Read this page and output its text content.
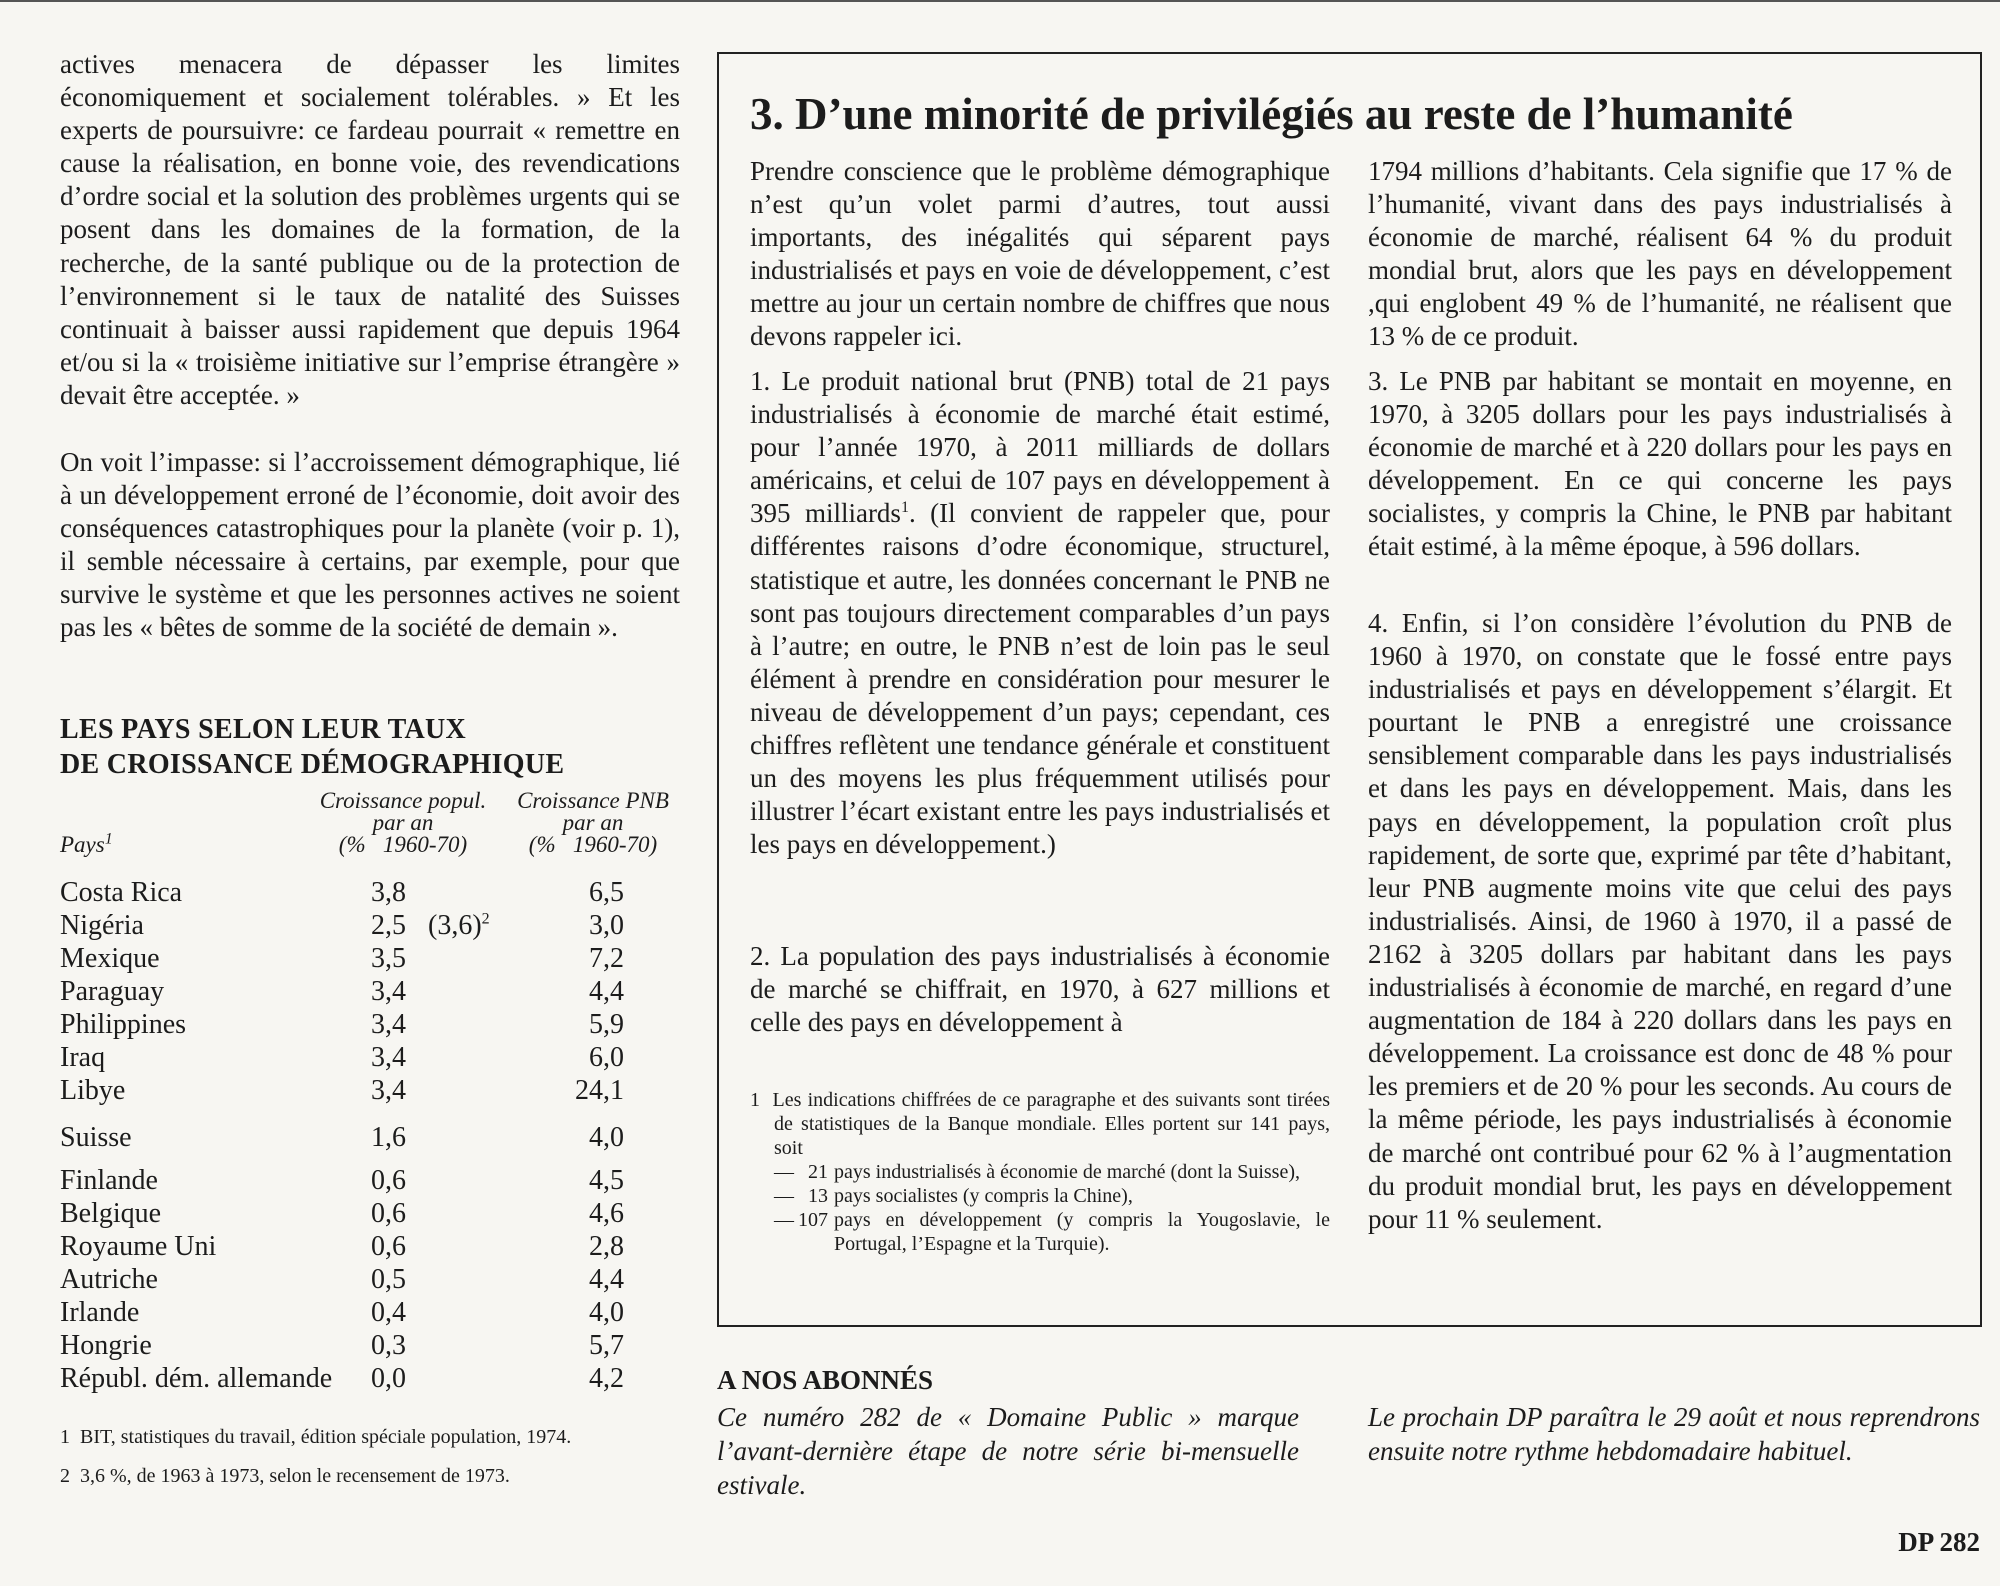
actives menacera de dépasser les limites économiquement et socialement tolérables. » Et les experts de poursuivre: ce fardeau pourrait « remettre en cause la réalisation, en bonne voie, des revendications d’ordre social et la solution des problèmes urgents qui se posent dans les domaines de la formation, de la recherche, de la santé publique ou de la protection de l’environnement si le taux de natalité des Suisses continuait à baisser aussi rapidement que depuis 1964 et/ou si la « troisième initiative sur l’emprise étrangère » devait être acceptée. »

On voit l’impasse: si l’accroissement démographique, lié à un développement erroné de l’économie, doit avoir des conséquences catastrophiques pour la planète (voir p. 1), il semble nécessaire à certains, par exemple, pour que survive le système et que les personnes actives ne soient pas les « bêtes de somme de la société de demain ».

LES PAYS SELON LEUR TAUX
DE CROISSANCE DÉMOGRAPHIQUE
Croissance popul.
par an
(%   1960-70)
Croissance PNB
par an
(%   1960-70)
Pays$^1$
Costa Rica	3,8	6,5
Nigéria	2,5 $(3,6)^2$	3,0
Mexique	3,5	7,2
Paraguay	3,4	4,4
Philippines	3,4	5,9
Iraq	3,4	6,0
Libye	3,4	24,1
Suisse	1,6	4,0
Finlande	0,6	4,5
Belgique	0,6	4,6
Royaume Uni	0,6	2,8
Autriche	0,5	4,4
Irlande	0,4	4,0
Hongrie	0,3	5,7
Républ. dém. allemande	0,0	4,2

1 BIT, statistiques du travail, édition spéciale population, 1974.

2 3,6 %, de 1963 à 1973, selon le recensement de 1973.

3. D’une minorité de privilégiés au reste de l’humanité

Prendre conscience que le problème démographique n’est qu’un volet parmi d’autres, tout aussi importants, des inégalités qui séparent pays industrialisés et pays en voie de développement, c’est mettre au jour un certain nombre de chiffres que nous devons rappeler ici.

1. Le produit national brut (PNB) total de 21 pays industrialisés à économie de marché était estimé, pour l’année 1970, à 2011 milliards de dollars américains, et celui de 107 pays en développement à 395 milliards$^1$. (Il convient de rappeler que, pour différentes raisons d’odre économique, structurel, statistique et autre, les données concernant le PNB ne sont pas toujours directement comparables d’un pays à l’autre; en outre, le PNB n’est de loin pas le seul élément à prendre en considération pour mesurer le niveau de développement d’un pays; cependant, ces chiffres reflètent une tendance générale et constituent un des moyens les plus fréquemment utilisés pour illustrer l’écart existant entre les pays industrialisés et les pays en développement.)

2. La population des pays industrialisés à économie de marché se chiffrait, en 1970, à 627 millions et celle des pays en développement à

1 Les indications chiffrées de ce paragraphe et des suivants sont tirées de statistiques de la Banque mondiale. Elles portent sur 141 pays, soit
— 21 pays industrialisés à économie de marché (dont la Suisse),
— 13 pays socialistes (y compris la Chine),
— 107 pays en développement (y compris la Yougoslavie, le Portugal, l’Espagne et la Turquie).

1794 millions d’habitants. Cela signifie que 17 % de l’humanité, vivant dans des pays industrialisés à économie de marché, réalisent 64 % du produit mondial brut, alors que les pays en développement ,qui englobent 49 % de l’humanité, ne réalisent que 13 % de ce produit.

3. Le PNB par habitant se montait en moyenne, en 1970, à 3205 dollars pour les pays industrialisés à économie de marché et à 220 dollars pour les pays en développement. En ce qui concerne les pays socialistes, y compris la Chine, le PNB par habitant était estimé, à la même époque, à 596 dollars.

4. Enfin, si l’on considère l’évolution du PNB de 1960 à 1970, on constate que le fossé entre pays industrialisés et pays en développement s’élargit. Et pourtant le PNB a enregistré une croissance sensiblement comparable dans les pays industrialisés et dans les pays en développement. Mais, dans les pays en développement, la population croît plus rapidement, de sorte que, exprimé par tête d’habitant, leur PNB augmente moins vite que celui des pays industrialisés. Ainsi, de 1960 à 1970, il a passé de 2162 à 3205 dollars par habitant dans les pays industrialisés à économie de marché, en regard d’une augmentation de 184 à 220 dollars dans les pays en développement. La croissance est donc de 48 % pour les premiers et de 20 % pour les seconds. Au cours de la même période, les pays industrialisés à économie de marché ont contribué pour 62 % à l’augmentation du produit mondial brut, les pays en développement pour 11 % seulement.

A NOS ABONNÉS

Ce numéro 282 de « Domaine Public » marque l’avant-dernière étape de notre série bi-mensuelle estivale.

Le prochain DP paraîtra le 29 août et nous reprendrons ensuite notre rythme hebdomadaire habituel.

DP 282
